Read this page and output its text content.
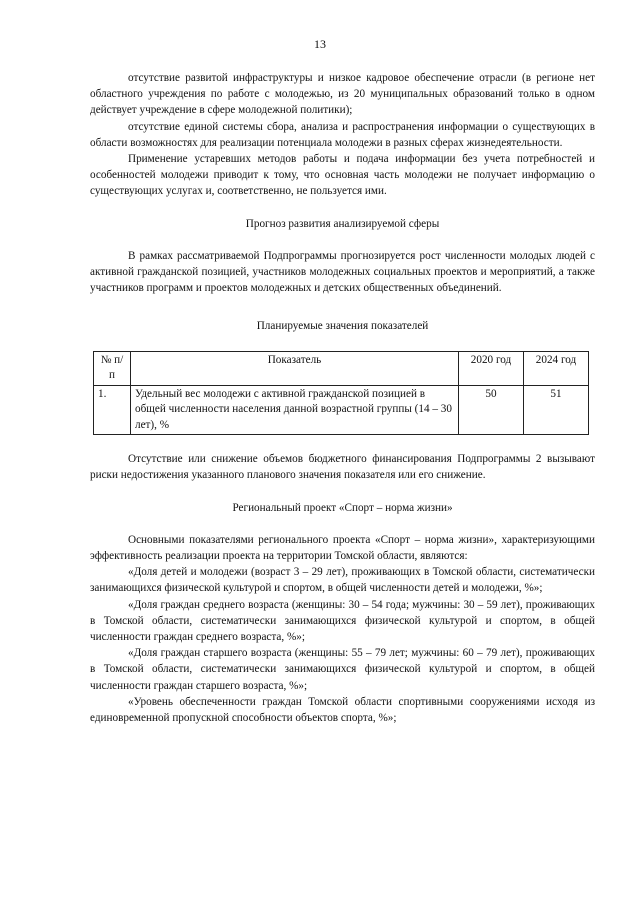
13

отсутствие развитой инфраструктуры и низкое кадровое обеспечение отрасли (в регионе нет областного учреждения по работе с молодежью, из 20 муниципальных образований только в одном действует учреждение в сфере молодежной политики);

отсутствие единой системы сбора, анализа и распространения информации о существующих в области возможностях для реализации потенциала молодежи в разных сферах жизнедеятельности.

Применение устаревших методов работы и подача информации без учета потребностей и особенностей молодежи приводит к тому, что основная часть молодежи не получает информацию о существующих услугах и, соответственно, не пользуется ими.

Прогноз развития анализируемой сферы

В рамках рассматриваемой Подпрограммы прогнозируется рост численности молодых людей с активной гражданской позицией, участников молодежных социальных проектов и мероприятий, а также участников программ и проектов молодежных и детских общественных объединений.

Планируемые значения показателей

№ п/п	Показатель	2020 год	2024 год
1.	Удельный вес молодежи с активной гражданской позицией в общей численности населения данной возрастной группы (14 – 30 лет), %	50	51

Отсутствие или снижение объемов бюджетного финансирования Подпрограммы 2 вызывают риски недостижения указанного планового значения показателя или его снижение.

Региональный проект «Спорт – норма жизни»

Основными показателями регионального проекта «Спорт – норма жизни», характеризующими эффективность реализации проекта на территории Томской области, являются:

«Доля детей и молодежи (возраст 3 – 29 лет), проживающих в Томской области, систематически занимающихся физической культурой и спортом, в общей численности детей и молодежи, %»;

«Доля граждан среднего возраста (женщины: 30 – 54 года; мужчины: 30 – 59 лет), проживающих в Томской области, систематически занимающихся физической культурой и спортом, в общей численности граждан среднего возраста, %»;

«Доля граждан старшего возраста (женщины: 55 – 79 лет; мужчины: 60 – 79 лет), проживающих в Томской области, систематически занимающихся физической культурой и спортом, в общей численности граждан старшего возраста, %»;

«Уровень обеспеченности граждан Томской области спортивными сооружениями исходя из единовременной пропускной способности объектов спорта, %»;
